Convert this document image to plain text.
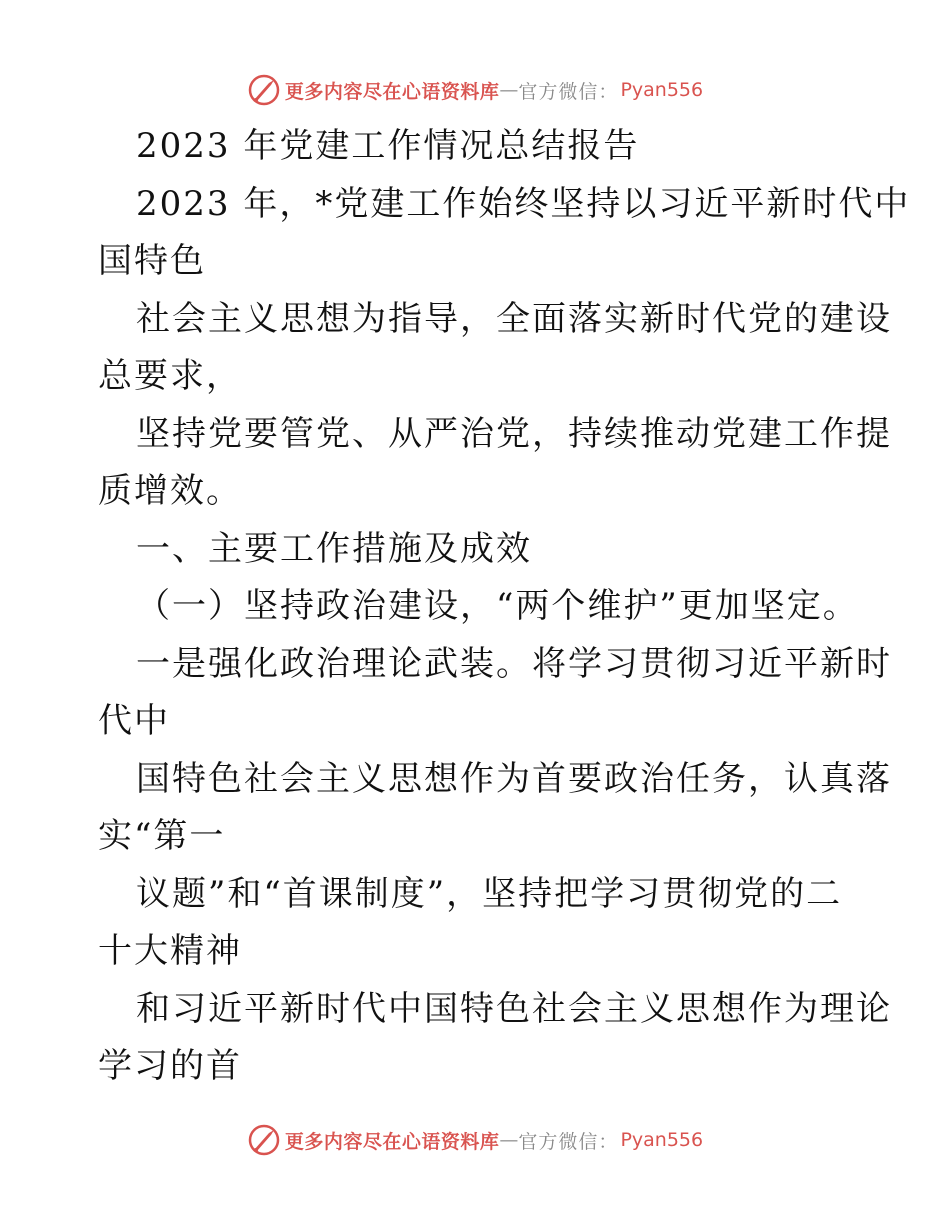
更多内容尽在心语资料库 — 官方微信： Pyan556
2023 年党建工作情况总结报告
2023 年，*党建工作始终坚持以习近平新时代中
国特色
社会主义思想为指导，全面落实新时代党的建设
总要求，
坚持党要管党、从严治党，持续推动党建工作提
质增效。
一、主要工作措施及成效
（一）坚持政治建设，“两个维护”更加坚定。
一是强化政治理论武装。将学习贯彻习近平新时
代中
国特色社会主义思想作为首要政治任务，认真落
实“第一
议题”和“首课制度”，坚持把学习贯彻党的二
十大精神
和习近平新时代中国特色社会主义思想作为理论
学习的首
更多内容尽在心语资料库 — 官方微信： Pyan556
